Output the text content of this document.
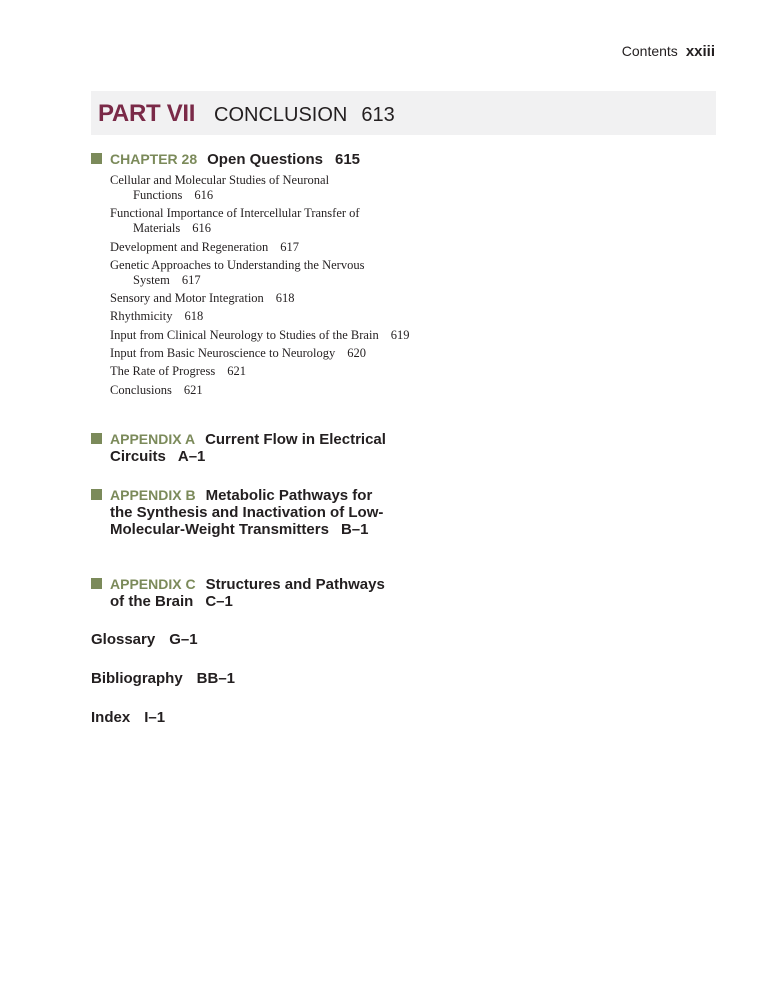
Contents xxiii
PART VII CONCLUSION 613
CHAPTER 28 Open Questions 615
Cellular and Molecular Studies of Neuronal Functions 616
Functional Importance of Intercellular Transfer of Materials 616
Development and Regeneration 617
Genetic Approaches to Understanding the Nervous System 617
Sensory and Motor Integration 618
Rhythmicity 618
Input from Clinical Neurology to Studies of the Brain 619
Input from Basic Neuroscience to Neurology 620
The Rate of Progress 621
Conclusions 621
APPENDIX A Current Flow in Electrical Circuits A–1
APPENDIX B Metabolic Pathways for the Synthesis and Inactivation of Low-Molecular-Weight Transmitters B–1
APPENDIX C Structures and Pathways of the Brain C–1
Glossary G–1
Bibliography BB–1
Index I–1
